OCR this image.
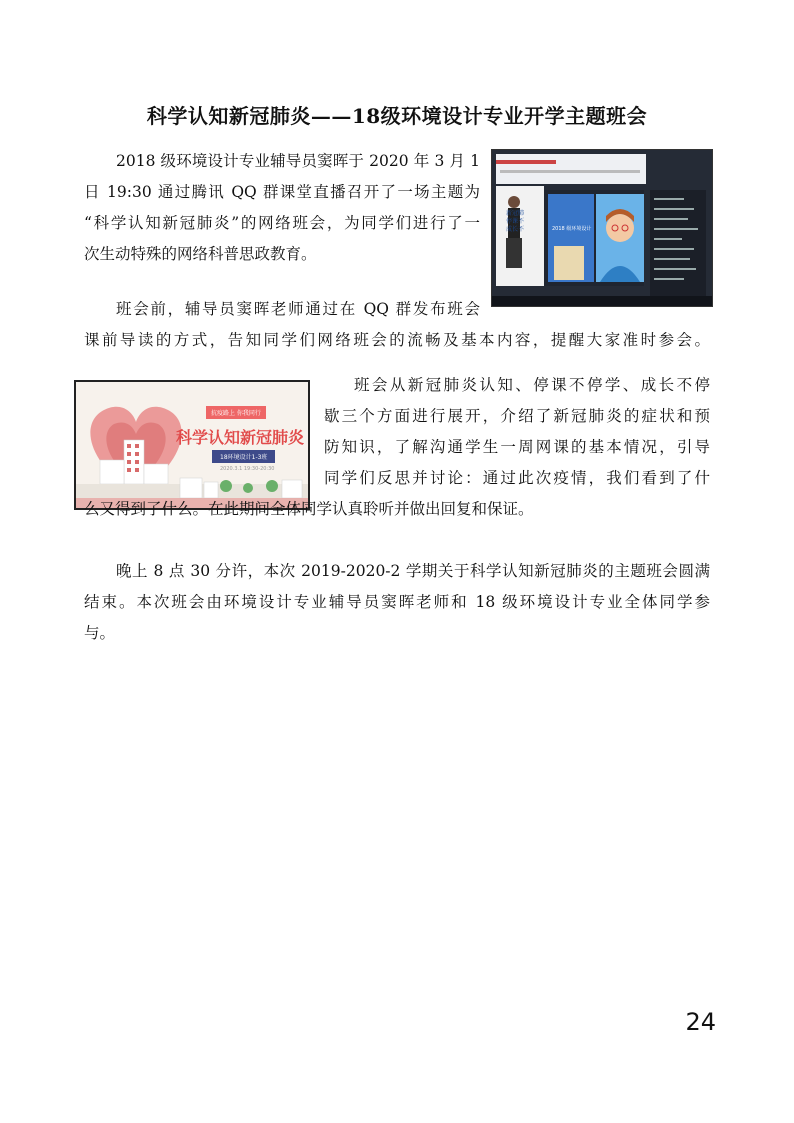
科学认知新冠肺炎——18级环境设计专业开学主题班会
2018 级环境设计专业辅导员窦晖于 2020 年 3 月 1
日 19:30 通过腾讯 QQ 群课堂直播召开了一场主题为
“科学认知新冠肺炎”的网络班会，为同学们进行了一
次生动特殊的网络科普思政教育。
2018 级环境设计
新冠肺
停课不
成长不
班会前，辅导员窦晖老师通过在 QQ 群发布班会
课前导读的方式，告知同学们网络班会的流畅及基本内容，提醒大家准时参会。
抗疫路上 你我同行
科学认知新冠肺炎
18环境设计1-3班
2020.3.1 19:30-20:30
班会从新冠肺炎认知、停课不停学、成长不停
歇三个方面进行展开，介绍了新冠肺炎的症状和预
防知识，了解沟通学生一周网课的基本情况，引导
同学们反思并讨论：通过此次疫情，我们看到了什
么又得到了什么。在此期间全体同学认真聆听并做出回复和保证。
晚上 8 点 30 分许，本次 2019-2020-2 学期关于科学认知新冠肺炎的主题班会圆满
结束。本次班会由环境设计专业辅导员窦晖老师和 18 级环境设计专业全体同学参
与。
24
